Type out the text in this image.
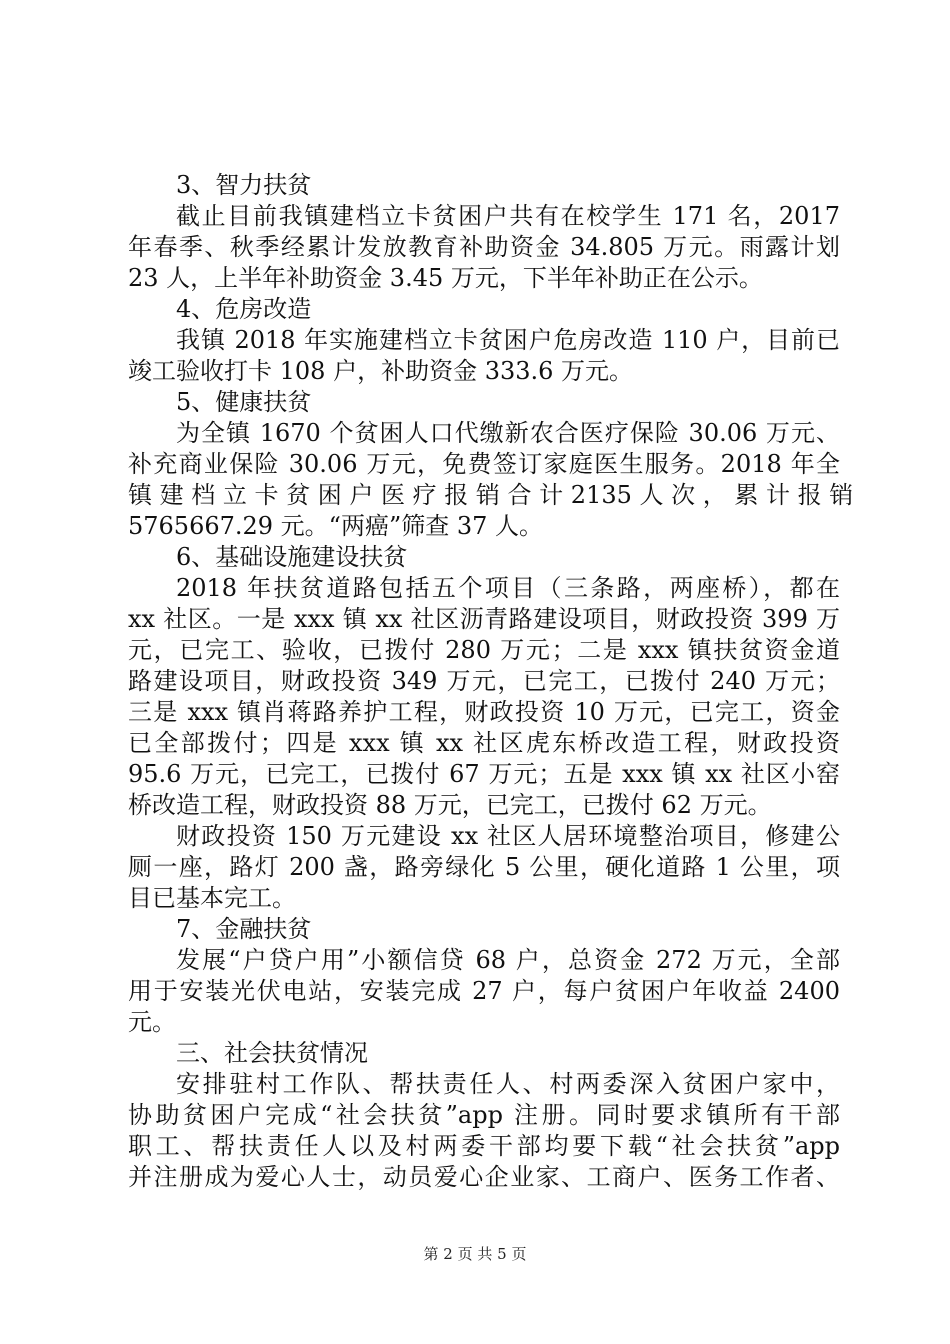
3、智力扶贫
截止目前我镇建档立卡贫困户共有在校学生 171 名，2017
年春季、秋季经累计发放教育补助资金 34.805 万元。雨露计划
23 人，上半年补助资金 3.45 万元，下半年补助正在公示。
4、危房改造
我镇 2018 年实施建档立卡贫困户危房改造 110 户，目前已
竣工验收打卡 108 户，补助资金 333.6 万元。
5、健康扶贫
为全镇 1670 个贫困人口代缴新农合医疗保险 30.06 万元、
补充商业保险 30.06 万元，免费签订家庭医生服务。2018 年全
镇 建 档 立 卡 贫 困 户 医 疗 报 销 合 计 2135 人 次 ， 累 计 报 销
5765667.29 元。“两癌”筛查 37 人。
6、基础设施建设扶贫
2018 年扶贫道路包括五个项目（三条路，两座桥），都在
xx 社区。一是 xxx 镇 xx 社区沥青路建设项目，财政投资 399 万
元，已完工、验收，已拨付 280 万元；二是 xxx 镇扶贫资金道
路建设项目，财政投资 349 万元，已完工，已拨付 240 万元；
三是 xxx 镇肖蒋路养护工程，财政投资 10 万元，已完工，资金
已全部拨付；四是 xxx 镇 xx 社区虎东桥改造工程，财政投资
95.6 万元，已完工，已拨付 67 万元；五是 xxx 镇 xx 社区小窑
桥改造工程，财政投资 88 万元，已完工，已拨付 62 万元。
财政投资 150 万元建设 xx 社区人居环境整治项目，修建公
厕一座，路灯 200 盏，路旁绿化 5 公里，硬化道路 1 公里，项
目已基本完工。
7、金融扶贫
发展“户贷户用”小额信贷 68 户，总资金 272 万元，全部
用于安装光伏电站，安装完成 27 户，每户贫困户年收益 2400
元。
三、社会扶贫情况
安排驻村工作队、帮扶责任人、村两委深入贫困户家中，
协助贫困户完成“社会扶贫”app 注册。同时要求镇所有干部
职工、帮扶责任人以及村两委干部均要下载“社会扶贫”app
并注册成为爱心人士，动员爱心企业家、工商户、医务工作者、
第 2 页 共 5 页
